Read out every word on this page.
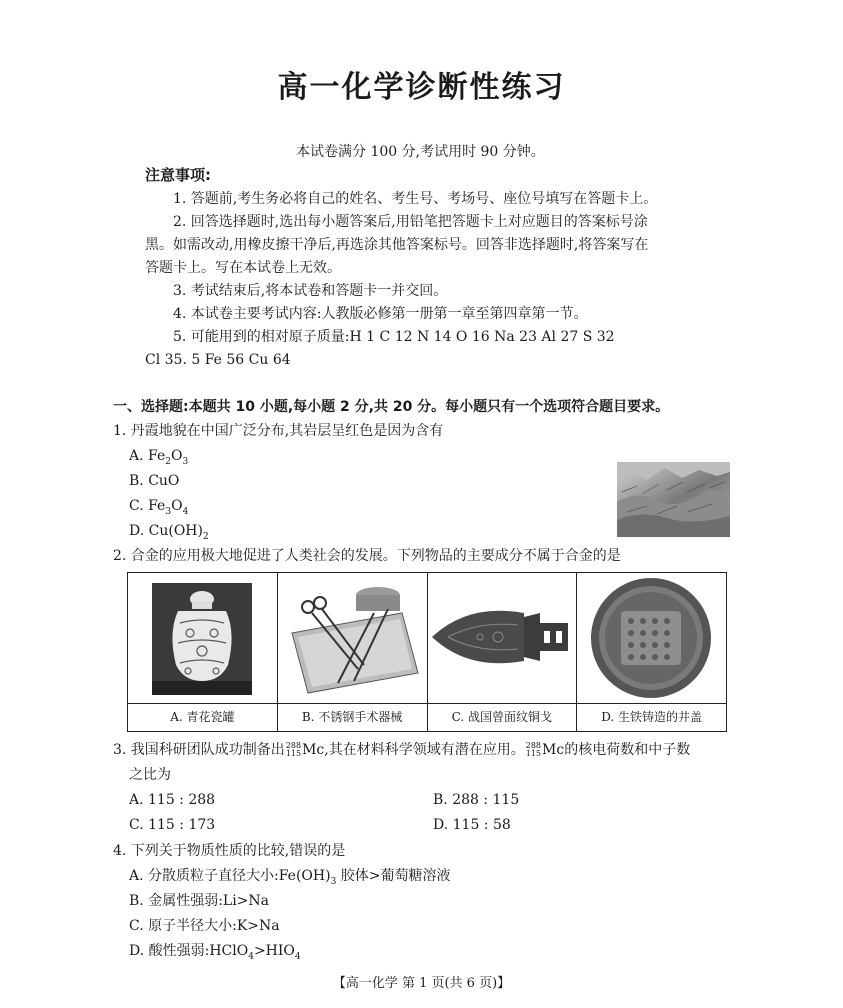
高一化学诊断性练习
本试卷满分 100 分,考试用时 90 分钟。
注意事项:
1. 答题前,考生务必将自己的姓名、考生号、考场号、座位号填写在答题卡上。
2. 回答选择题时,选出每小题答案后,用铅笔把答题卡上对应题目的答案标号涂
黑。如需改动,用橡皮擦干净后,再选涂其他答案标号。回答非选择题时,将答案写在
答题卡上。写在本试卷上无效。
3. 考试结束后,将本试卷和答题卡一并交回。
4. 本试卷主要考试内容:人教版必修第一册第一章至第四章第一节。
5. 可能用到的相对原子质量:H 1 C 12 N 14 O 16 Na 23 Al 27 S 32
Cl 35. 5 Fe 56 Cu 64
一、选择题:本题共 10 小题,每小题 2 分,共 20 分。每小题只有一个选项符合题目要求。
1. 丹霞地貌在中国广泛分布,其岩层呈红色是因为含有
A. $Fe_2O_3$
B. CuO
C. $Fe_3O_4$
D. $Cu(OH)_2$
2. 合金的应用极大地促进了人类社会的发展。下列物品的主要成分不属于合金的是
A. 青花瓷罐	B. 不锈钢手术器械	C. 战国曾面纹铜戈	D. 生铁铸造的井盖
3. 我国科研团队成功制备出 288
115 Mc,其在材料科学领域有潜在应用。 288
115 Mc的核电荷数和中子数
之比为
A. 115 : 288	B. 288 : 115
C. 115 : 173	D. 115 : 58
4. 下列关于物质性质的比较,错误的是
A. 分散质粒子直径大小$:Fe(OH)_3$ 胶体>葡萄糖溶液
B. 金属性强弱:Li>Na
C. 原子半径大小:K>Na
D. 酸性强弱$:HClO_4>HIO_4$
【高一化学 第 1 页(共 6 页)】
